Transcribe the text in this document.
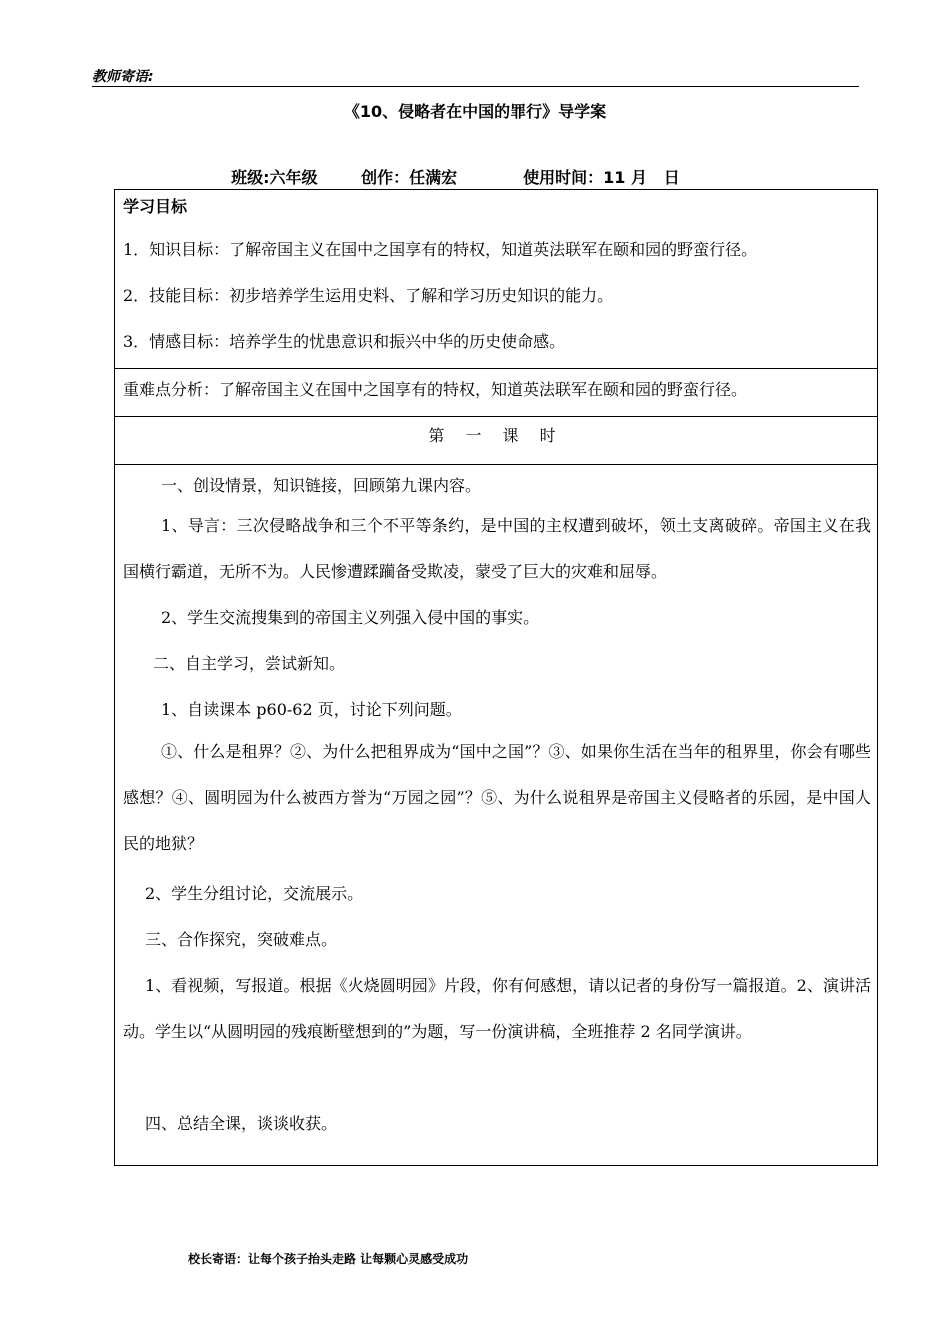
教师寄语:
《10、侵略者在中国的罪行》导学案

班级:六年级	创作：任满宏	使用时间：11 月   日

学习目标
1．知识目标：了解帝国主义在国中之国享有的特权，知道英法联军在颐和园的野蛮行径。
2．技能目标：初步培养学生运用史料、了解和学习历史知识的能力。
3．情感目标：培养学生的忧患意识和振兴中华的历史使命感。
重难点分析：了解帝国主义在国中之国享有的特权，知道英法联军在颐和园的野蛮行径。
第 一 课 时
一、创设情景，知识链接，回顾第九课内容。
1、导言：三次侵略战争和三个不平等条约，是中国的主权遭到破坏，领土支离破碎。帝国主义在我国横行霸道，无所不为。人民惨遭蹂躏备受欺凌，蒙受了巨大的灾难和屈辱。
2、学生交流搜集到的帝国主义列强入侵中国的事实。
二、自主学习，尝试新知。
1、自读课本 p60-62 页，讨论下列问题。
①、什么是租界？②、为什么把租界成为“国中之国”？③、如果你生活在当年的租界里，你会有哪些感想？④、圆明园为什么被西方誉为“万园之园”？⑤、为什么说租界是帝国主义侵略者的乐园，是中国人民的地狱？
2、学生分组讨论，交流展示。
三、合作探究，突破难点。
1、看视频，写报道。根据《火烧圆明园》片段，你有何感想，请以记者的身份写一篇报道。2、演讲活动。学生以“从圆明园的残痕断壁想到的”为题，写一份演讲稿，全班推荐 2 名同学演讲。
四、总结全课，谈谈收获。
校长寄语：让每个孩子抬头走路 让每颗心灵感受成功
